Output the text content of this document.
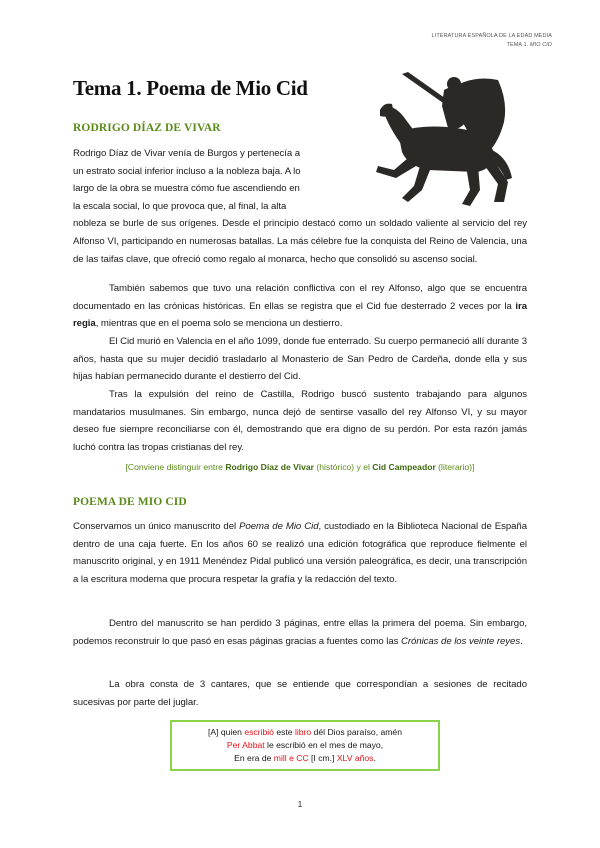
LITERATURA ESPAÑOLA DE LA EDAD MEDIA
TEMA 1. MIO CID
Tema 1. Poema de Mio Cid
RODRIGO DÍAZ DE VIVAR
Rodrigo Díaz de Vivar venía de Burgos y pertenecía a
un estrato social inferior incluso a la nobleza baja. A lo
largo de la obra se muestra cómo fue ascendiendo en
la escala social, lo que provoca que, al final, la alta
nobleza se burle de sus orígenes. Desde el principio destacó como un soldado valiente al servicio del rey Alfonso VI, participando en numerosas batallas. La más célebre fue la conquista del Reino de Valencia, una de las taifas clave, que ofreció como regalo al monarca, hecho que consolidó su ascenso social.

También sabemos que tuvo una relación conflictiva con el rey Alfonso, algo que se encuentra documentado en las crónicas históricas. En ellas se registra que el Cid fue desterrado 2 veces por la ira regia, mientras que en el poema solo se menciona un destierro.

El Cid murió en Valencia en el año 1099, donde fue enterrado. Su cuerpo permaneció allí durante 3 años, hasta que su mujer decidió trasladarlo al Monasterio de San Pedro de Cardeña, donde ella y sus hijas habían permanecido durante el destierro del Cid.

Tras la expulsión del reino de Castilla, Rodrigo buscó sustento trabajando para algunos mandatarios musulmanes. Sin embargo, nunca dejó de sentirse vasallo del rey Alfonso VI, y su mayor deseo fue siempre reconciliarse con él, demostrando que era digno de su perdón. Por esta razón jamás luchó contra las tropas cristianas del rey.

[Conviene distinguir entre Rodrigo Díaz de Vivar (histórico) y el Cid Campeador (literario)]
POEMA DE MIO CID

Conservamos un único manuscrito del Poema de Mio Cid, custodiado en la Biblioteca Nacional de España dentro de una caja fuerte. En los años 60 se realizó una edición fotográfica que reproduce fielmente el manuscrito original, y en 1911 Menéndez Pidal publicó una versión paleográfica, es decir, una transcripción a la escritura moderna que procura respetar la grafía y la redacción del texto.

Dentro del manuscrito se han perdido 3 páginas, entre ellas la primera del poema. Sin embargo, podemos reconstruir lo que pasó en esas páginas gracias a fuentes como las Crónicas de los veinte reyes.

La obra consta de 3 cantares, que se entiende que correspondían a sesiones de recitado sucesivas por parte del juglar.

[A] quien escribió este libro dél Dios paraíso, amén
Per Abbat le escribió en el mes de mayo,
En era de mill e CC [I cm.] XLV años.
1
